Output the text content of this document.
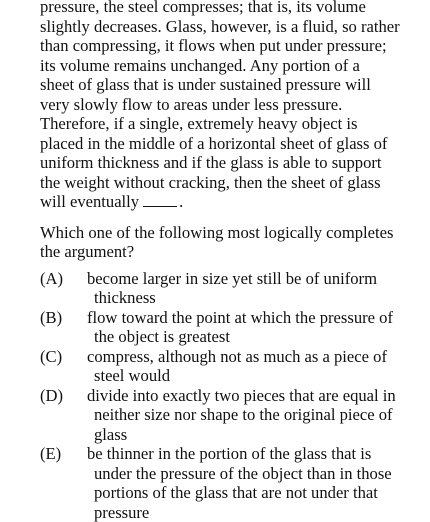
pressure, the steel compresses; that is, its volume
slightly decreases. Glass, however, is a fluid, so rather
than compressing, it flows when put under pressure;
its volume remains unchanged. Any portion of a
sheet of glass that is under sustained pressure will
very slowly flow to areas under less pressure.
Therefore, if a single, extremely heavy object is
placed in the middle of a horizontal sheet of glass of
uniform thickness and if the glass is able to support
the weight without cracking, then the sheet of glass
will eventually .
Which one of the following most logically completes
the argument?
(A) become larger in size yet still be of uniform
thickness
(B) flow toward the point at which the pressure of
the object is greatest
(C) compress, although not as much as a piece of
steel would
(D) divide into exactly two pieces that are equal in
neither size nor shape to the original piece of
glass
(E) be thinner in the portion of the glass that is
under the pressure of the object than in those
portions of the glass that are not under that
pressure
